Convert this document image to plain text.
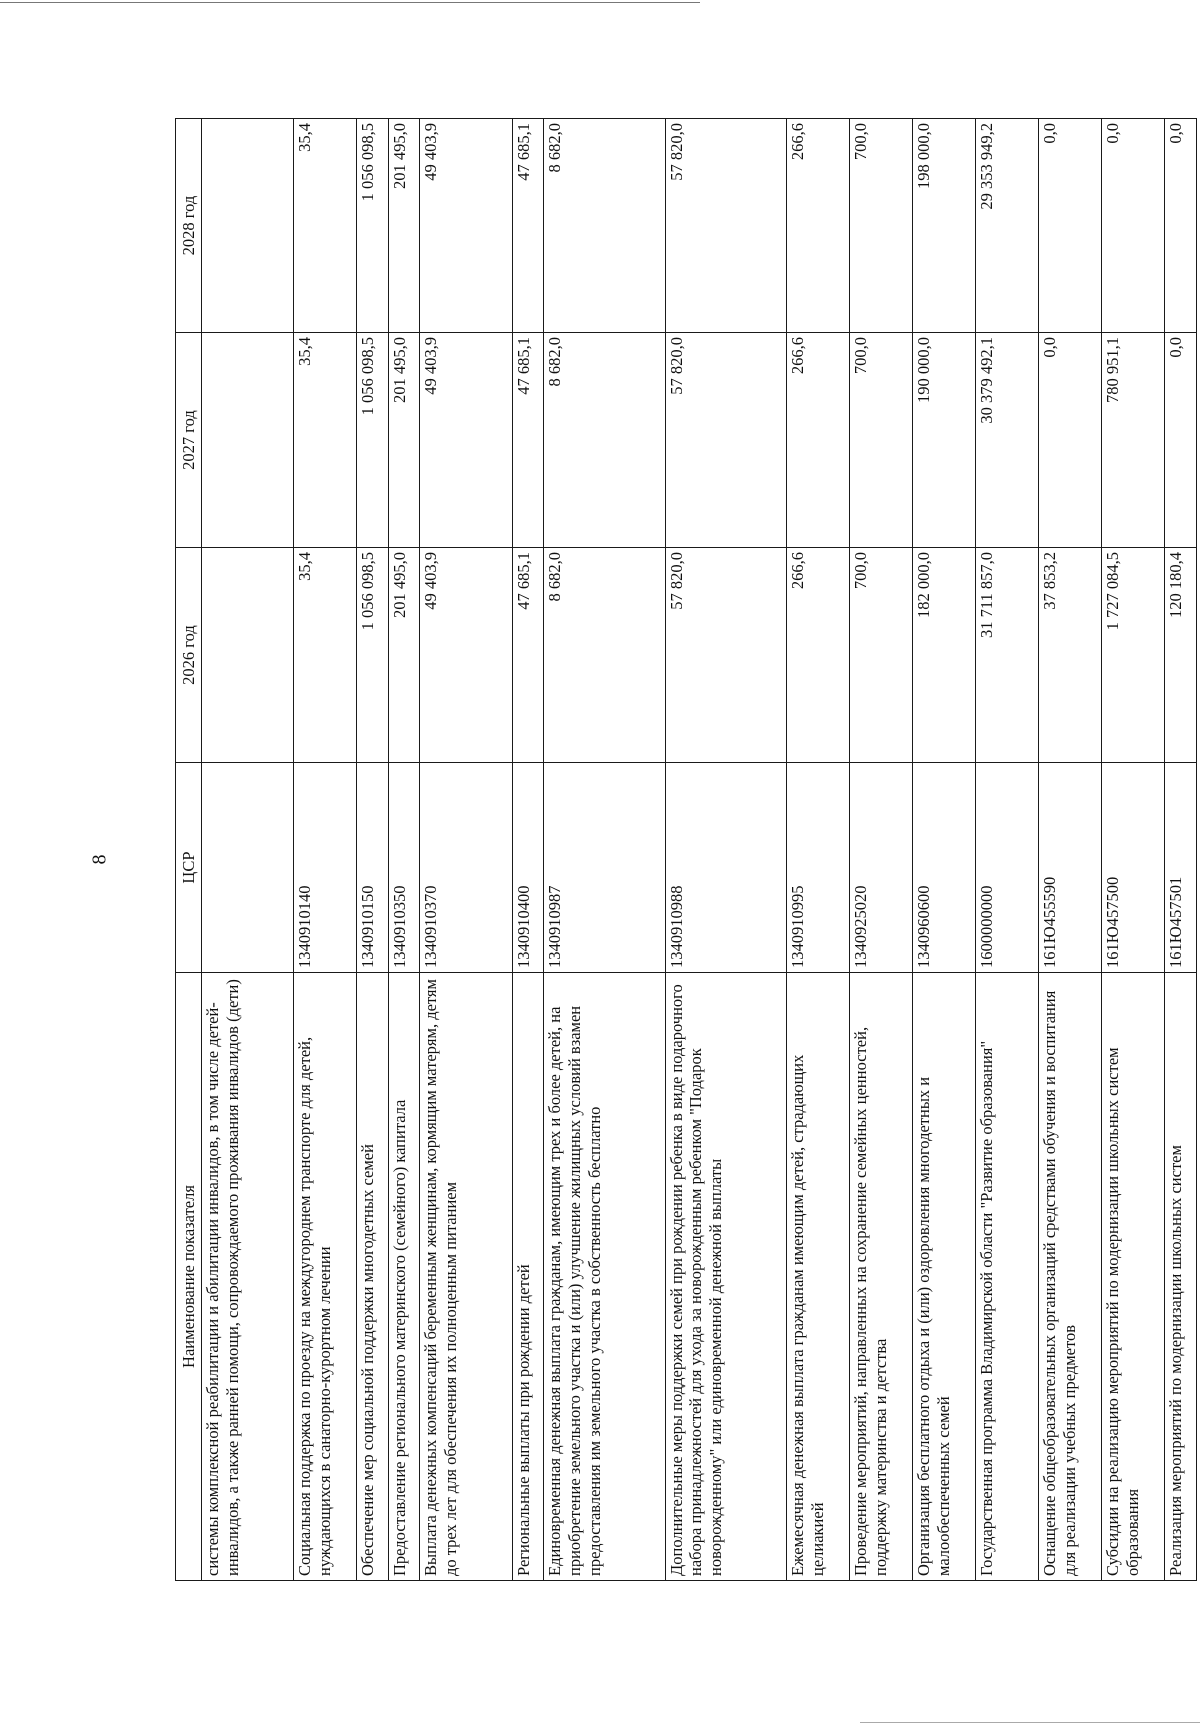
8
Наименование показателя	ЦСР	2026 год	2027 год	2028 год
системы комплексной реабилитации и абилитации инвалидов, в том числе детей-инвалидов, а также ранней помощи, сопровождаемого проживания инвалидов (дети)				
Социальная поддержка по проезду на междугороднем транспорте для детей, нуждающихся в санаторно-курортном лечении	1340910140	35,4	35,4	35,4
Обеспечение мер социальной поддержки многодетных семей	1340910150	1 056 098,5	1 056 098,5	1 056 098,5
Предоставление регионального материнского (семейного) капитала	1340910350	201 495,0	201 495,0	201 495,0
Выплата денежных компенсаций беременным женщинам, кормящим матерям, детям до трех лет для обеспечения их полноценным питанием	1340910370	49 403,9	49 403,9	49 403,9
Региональные выплаты при рождении детей	1340910400	47 685,1	47 685,1	47 685,1
Единовременная денежная выплата гражданам, имеющим трех и более детей, на приобретение земельного участка и (или) улучшение жилищных условий взамен предоставления им земельного участка в собственность бесплатно	1340910987	8 682,0	8 682,0	8 682,0
Дополнительные меры поддержки семей при рождении ребенка в виде подарочного набора принадлежностей для ухода за новорожденным ребенком "Подарок новорожденному" или единовременной денежной выплаты	1340910988	57 820,0	57 820,0	57 820,0
Ежемесячная денежная выплата гражданам имеющим детей, страдающих целиакией	1340910995	266,6	266,6	266,6
Проведение мероприятий, направленных на сохранение семейных ценностей, поддержку материнства и детства	1340925020	700,0	700,0	700,0
Организация бесплатного отдыха и (или) оздоровления многодетных и малообеспеченных семей	1340960600	182 000,0	190 000,0	198 000,0
Государственная программа Владимирской области "Развитие образования"	1600000000	31 711 857,0	30 379 492,1	29 353 949,2
Оснащение общеобразовательных организаций средствами обучения и воспитания для реализации учебных предметов	161Ю455590	37 853,2	0,0	0,0
Субсидии на реализацию мероприятий по модернизации школьных систем образования	161Ю457500	1 727 084,5	780 951,1	0,0
Реализация мероприятий по модернизации школьных систем	161Ю457501	120 180,4	0,0	0,0
